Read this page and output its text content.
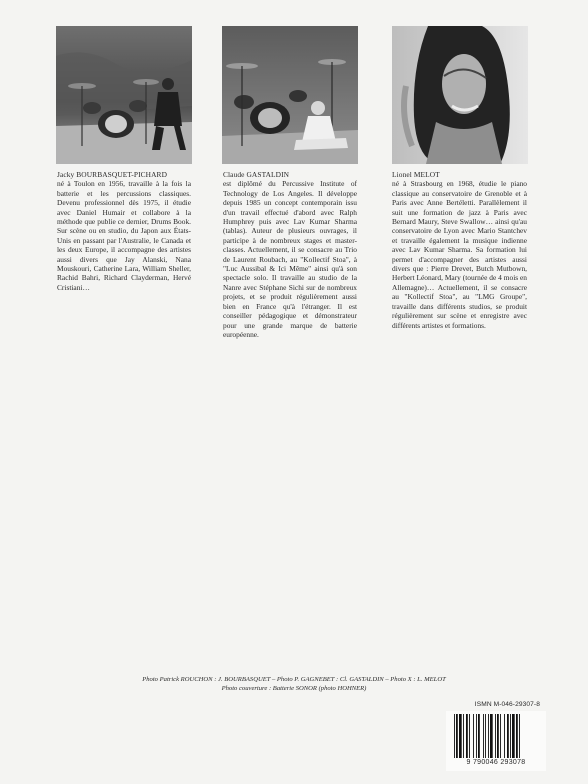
Jacky BOURBASQUET-PICHARD
né à Toulon en 1956, travaille à la fois la batterie et les percussions classiques. Devenu professionnel dès 1975, il étudie avec Daniel Humair et collabore à la méthode que publie ce dernier, Drums Book. Sur scène ou en studio, du Japon aux États-Unis en passant par l'Australie, le Canada et les deux Europe, il accompagne des artistes aussi divers que Jay Alanski, Nana Mouskouri, Catherine Lara, William Sheller, Rachid Bahri, Richard Clayderman, Hervé Cristiani…
Claude GASTALDIN
est diplômé du Percussive Institute of Technology de Los Angeles. Il développe depuis 1985 un concept contemporain issu d'un travail effectué d'abord avec Ralph Humphrey puis avec Lav Kumar Sharma (tablas). Auteur de plusieurs ouvrages, il participe à de nombreux stages et master-classes. Actuellement, il se consacre au Trio de Laurent Roubach, au "Kollectif Stoa", à "Luc Aussibal & Ici Même" ainsi qu'à son spectacle solo. Il travaille au studio de la Nanre avec Stéphane Sichi sur de nombreux projets, et se produit régulièrement aussi bien en France qu'à l'étranger. Il est conseiller pédagogique et démonstrateur pour une grande marque de batterie européenne.
Lionel MELOT
né à Strasbourg en 1968, étudie le piano classique au conservatoire de Grenoble et à Paris avec Anne Bertéletti. Parallèlement il suit une formation de jazz à Paris avec Bernard Maury, Steve Swallow… ainsi qu'au conservatoire de Lyon avec Mario Stantchev et travaille également la musique indienne avec Lav Kumar Sharma. Sa formation lui permet d'accompagner des artistes aussi divers que : Pierre Drevet, Butch Mutbown, Herbert Léonard, Mary (tournée de 4 mois en Allemagne)… Actuellement, il se consacre au "Kollectif Stoa", au "LMG Groupe", travaille dans différents studios, se produit régulièrement sur scène et enregistre avec différents artistes et formations.
Photo Patrick ROUCHON : J. BOURBASQUET – Photo P. GAGNEBET : Cl. GASTALDIN – Photo X : L. MELOT
Photo couverture : Batterie SONOR (photo HOHNER)
ISMN M-046-29307-8
9 790046 293078
